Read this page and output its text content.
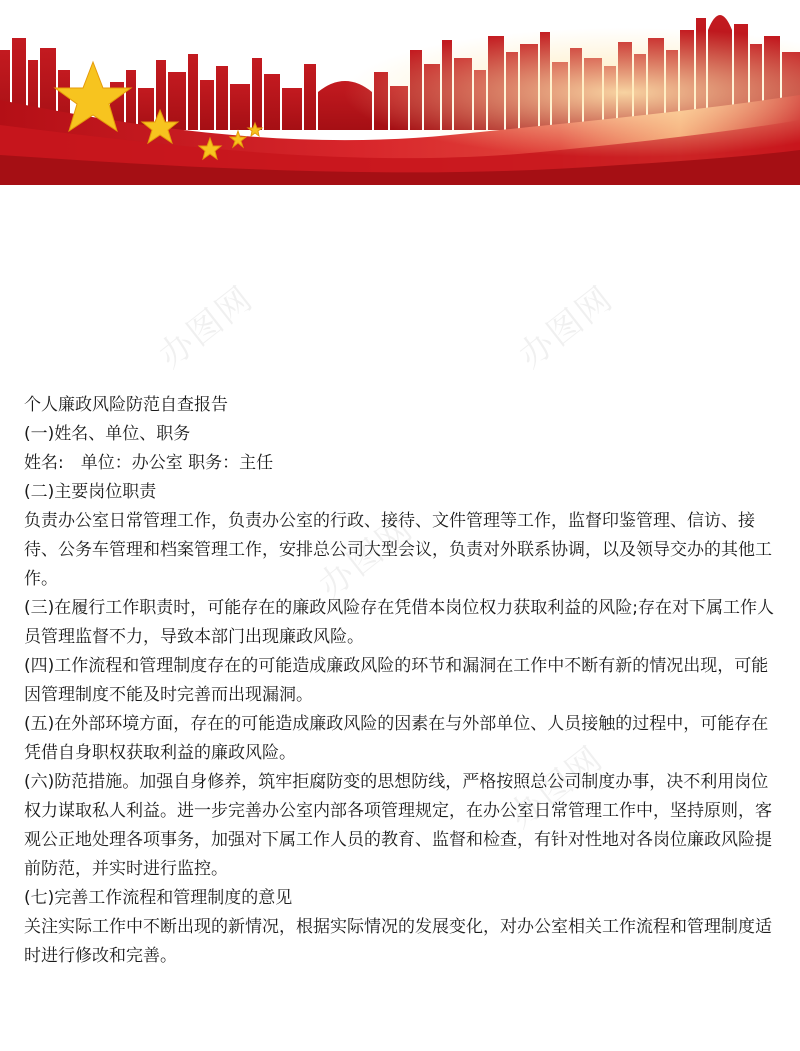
办图网	办图网
办图网
办图网

个人廉政风险防范自查报告

(一)姓名、单位、职务

姓名:　单位：办公室 职务：主任

(二)主要岗位职责

负责办公室日常管理工作，负责办公室的行政、接待、文件管理等工作，监督印鉴管理、信访、接待、公务车管理和档案管理工作，安排总公司大型会议，负责对外联系协调，以及领导交办的其他工作。

(三)在履行工作职责时，可能存在的廉政风险存在凭借本岗位权力获取利益的风险;存在对下属工作人员管理监督不力，导致本部门出现廉政风险。

(四)工作流程和管理制度存在的可能造成廉政风险的环节和漏洞在工作中不断有新的情况出现，可能因管理制度不能及时完善而出现漏洞。

(五)在外部环境方面，存在的可能造成廉政风险的因素在与外部单位、人员接触的过程中，可能存在凭借自身职权获取利益的廉政风险。

(六)防范措施。加强自身修养，筑牢拒腐防变的思想防线，严格按照总公司制度办事，决不利用岗位权力谋取私人利益。进一步完善办公室内部各项管理规定，在办公室日常管理工作中，坚持原则，客观公正地处理各项事务，加强对下属工作人员的教育、监督和检查，有针对性地对各岗位廉政风险提前防范，并实时进行监控。

(七)完善工作流程和管理制度的意见

关注实际工作中不断出现的新情况，根据实际情况的发展变化，对办公室相关工作流程和管理制度适时进行修改和完善。
